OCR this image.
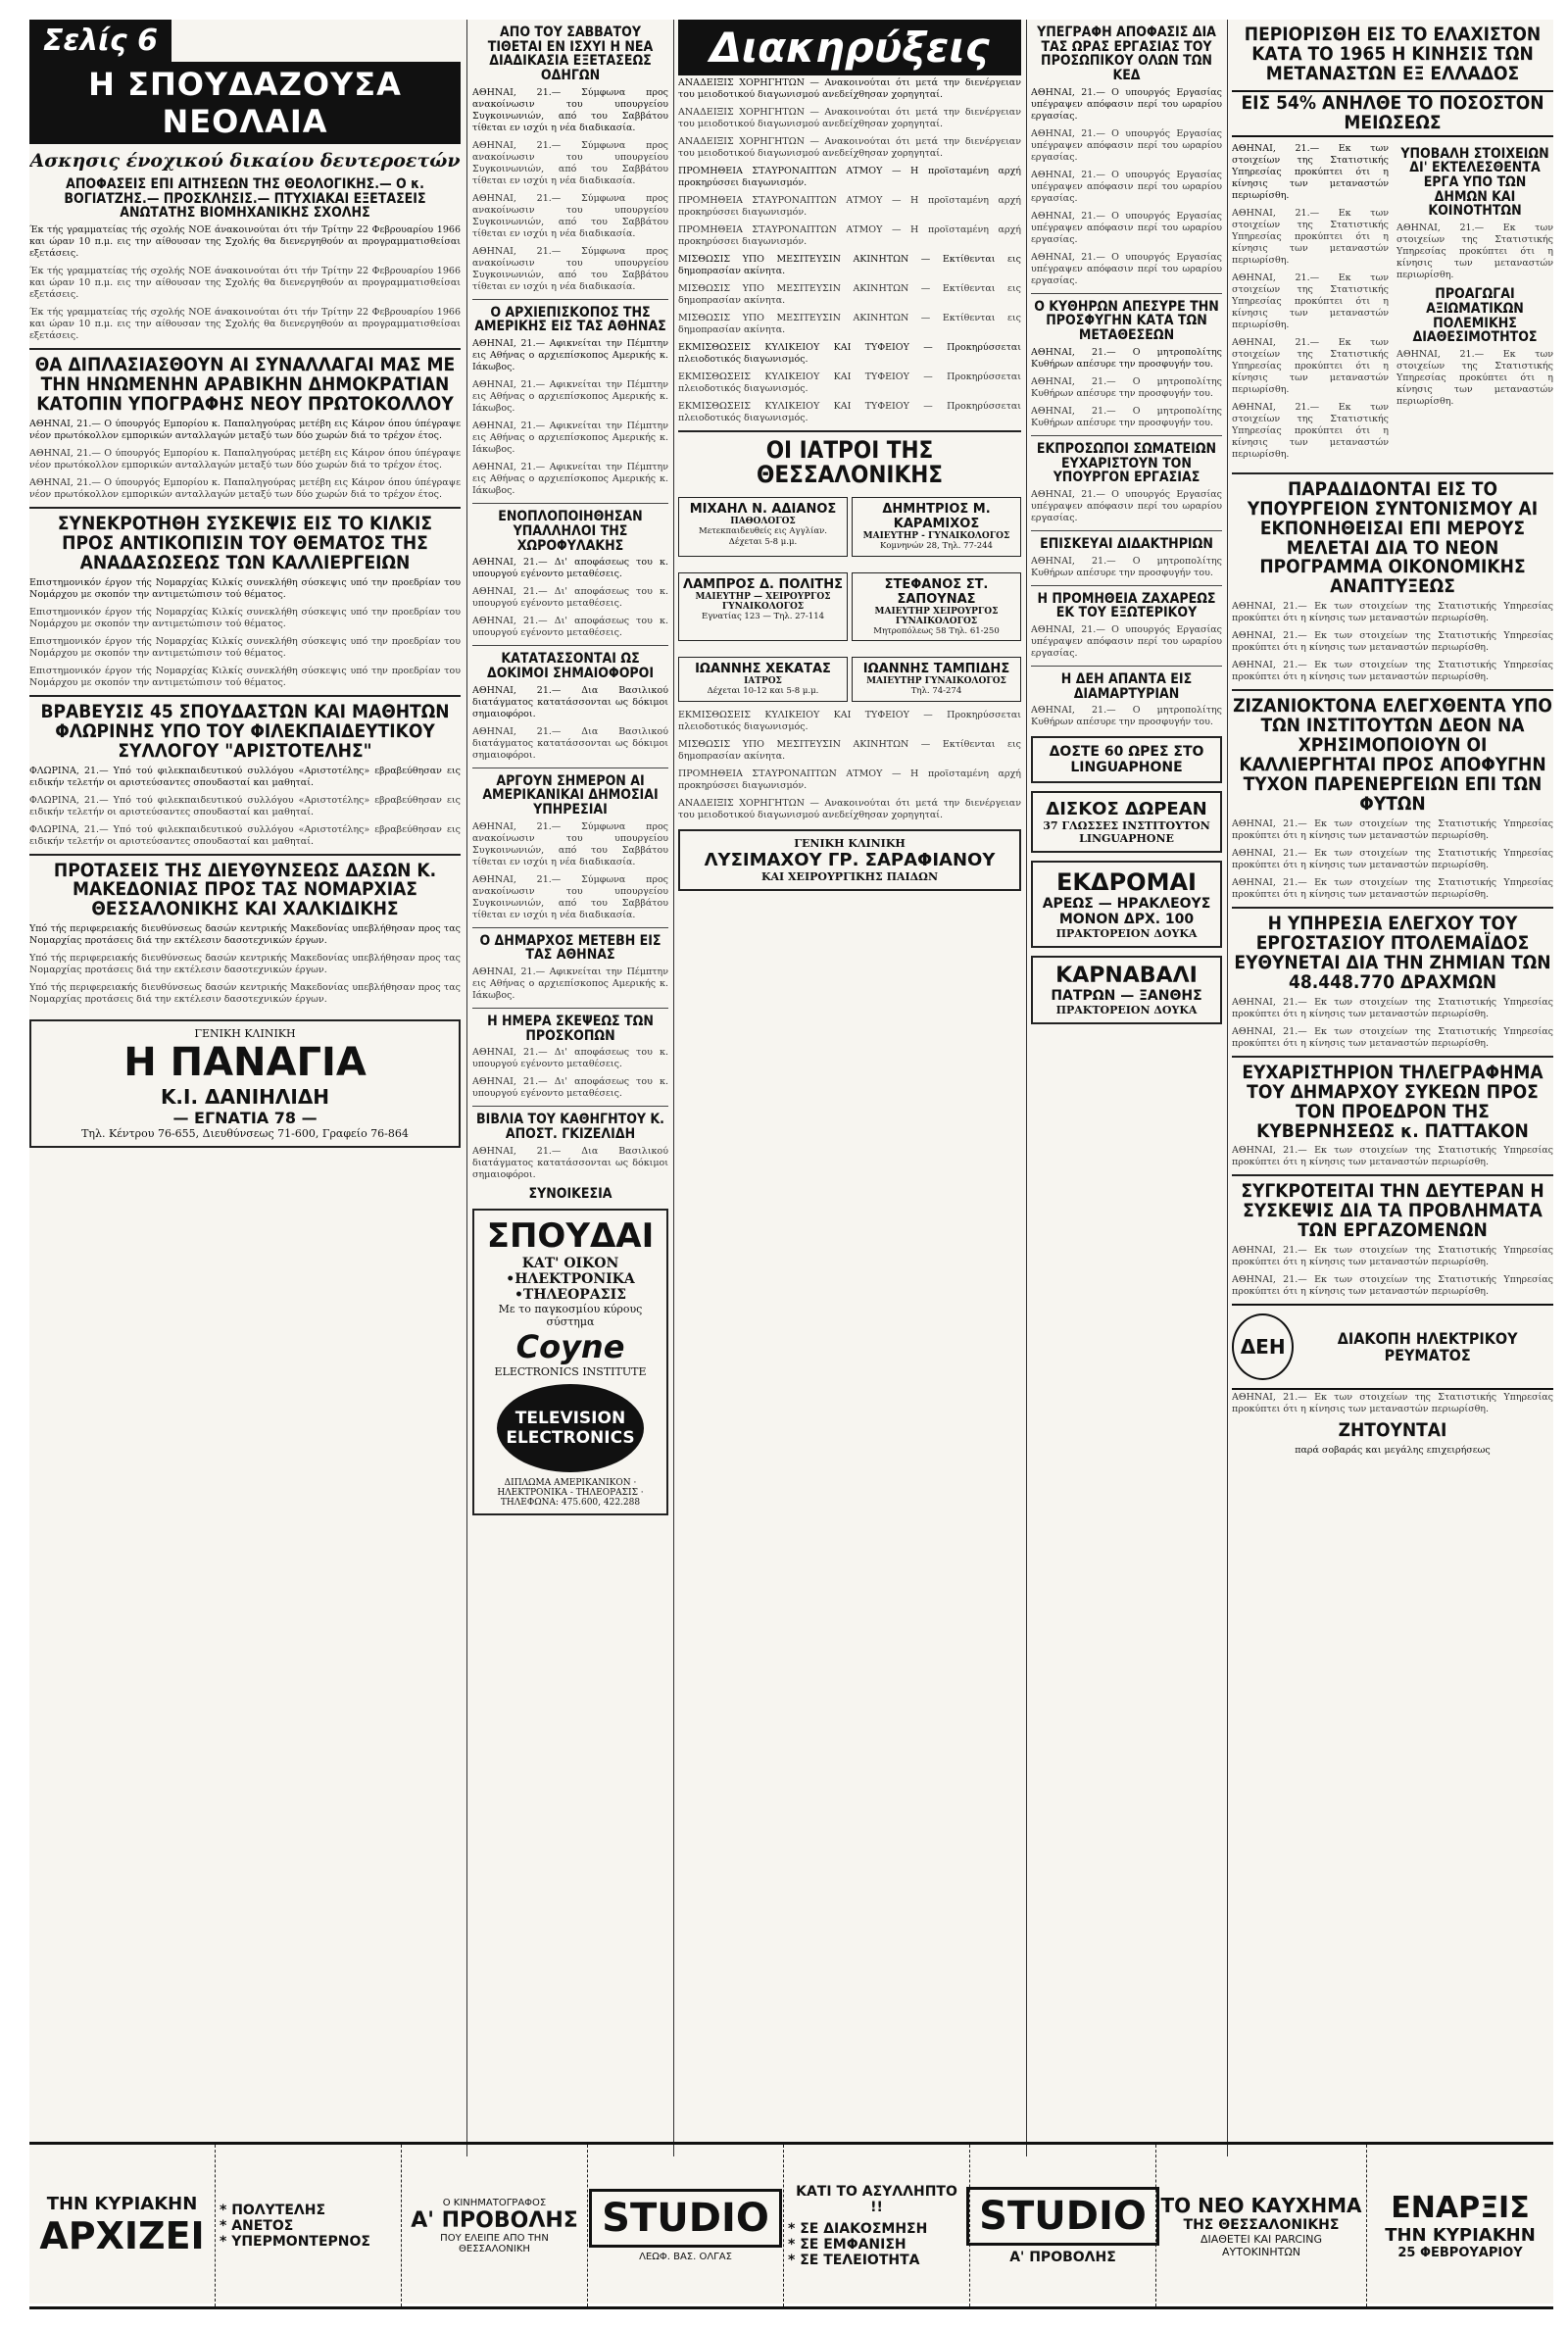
Σελίς 6
Η ΣΠΟΥΔΑΖΟΥΣΑ ΝΕΟΛΑΙΑ
Ασκησις ένοχικού δικαίου δευτεροετών
ΑΠΟΦΑΣΕΙΣ ΕΠΙ ΑΙΤΗΣΕΩΝ ΤΗΣ ΘΕΟΛΟΓΙΚΗΣ.— Ο κ. ΒΟΓΙΑΤΖΗΣ.— ΠΡΟΣΚΛΗΣΙΣ.— ΠΤΥΧΙΑΚΑΙ ΕΞΕΤΑΣΕΙΣ ΑΝΩΤΑΤΗΣ ΒΙΟΜΗΧΑΝΙΚΗΣ ΣΧΟΛΗΣ
Έκ τής γραμματείας τής σχολής ΝΟΕ άνακοινούται ότι τήν Τρίτην 22 Φεβρουαρίου 1966 και ώραν 10 π.μ. εις την αίθουσαν της Σχολής θα διενεργηθούν αι προγραμματισθείσαι εξετάσεις.
Έκ τής γραμματείας τής σχολής ΝΟΕ άνακοινούται ότι τήν Τρίτην 22 Φεβρουαρίου 1966 και ώραν 10 π.μ. εις την αίθουσαν της Σχολής θα διενεργηθούν αι προγραμματισθείσαι εξετάσεις.
Έκ τής γραμματείας τής σχολής ΝΟΕ άνακοινούται ότι τήν Τρίτην 22 Φεβρουαρίου 1966 και ώραν 10 π.μ. εις την αίθουσαν της Σχολής θα διενεργηθούν αι προγραμματισθείσαι εξετάσεις.
ΘΑ ΔΙΠΛΑΣΙΑΣΘΟΥΝ ΑΙ ΣΥΝΑΛΛΑΓΑΙ ΜΑΣ ΜΕ ΤΗΝ ΗΝΩΜΕΝΗΝ ΑΡΑΒΙΚΗΝ ΔΗΜΟΚΡΑΤΙΑΝ ΚΑΤΟΠΙΝ ΥΠΟΓΡΑΦΗΣ ΝΕΟΥ ΠΡΩΤΟΚΟΛΛΟΥ
ΑΘΗΝΑΙ, 21.— Ο ύπουργός Εμπορίου κ. Παπαληγούρας μετέβη εις Κάιρον όπου ύπέγραψε νέον πρωτόκολλον εμπορικών ανταλλαγών μεταξύ των δύο χωρών διά το τρέχον έτος.
ΑΘΗΝΑΙ, 21.— Ο ύπουργός Εμπορίου κ. Παπαληγούρας μετέβη εις Κάιρον όπου ύπέγραψε νέον πρωτόκολλον εμπορικών ανταλλαγών μεταξύ των δύο χωρών διά το τρέχον έτος.
ΑΘΗΝΑΙ, 21.— Ο ύπουργός Εμπορίου κ. Παπαληγούρας μετέβη εις Κάιρον όπου ύπέγραψε νέον πρωτόκολλον εμπορικών ανταλλαγών μεταξύ των δύο χωρών διά το τρέχον έτος.
ΣΥΝΕΚΡΟΤΗΘΗ ΣΥΣΚΕΨΙΣ ΕΙΣ ΤΟ ΚΙΛΚΙΣ ΠΡΟΣ ΑΝΤΙΚΟΠΙΣΙΝ ΤΟΥ ΘΕΜΑΤΟΣ ΤΗΣ ΑΝΑΔΑΣΩΣΕΩΣ ΤΩΝ ΚΑΛΛΙΕΡΓΕΙΩΝ
Επιστημονικόν έργον τής Νομαρχίας Κιλκίς συνεκλήθη σύσκεψις υπό την προεδρίαν του Νομάρχου με σκοπόν την αντιμετώπισιν τού θέματος.
Επιστημονικόν έργον τής Νομαρχίας Κιλκίς συνεκλήθη σύσκεψις υπό την προεδρίαν του Νομάρχου με σκοπόν την αντιμετώπισιν τού θέματος.
Επιστημονικόν έργον τής Νομαρχίας Κιλκίς συνεκλήθη σύσκεψις υπό την προεδρίαν του Νομάρχου με σκοπόν την αντιμετώπισιν τού θέματος.
Επιστημονικόν έργον τής Νομαρχίας Κιλκίς συνεκλήθη σύσκεψις υπό την προεδρίαν του Νομάρχου με σκοπόν την αντιμετώπισιν τού θέματος.
ΒΡΑΒΕΥΣΙΣ 45 ΣΠΟΥΔΑΣΤΩΝ ΚΑΙ ΜΑΘΗΤΩΝ ΦΛΩΡΙΝΗΣ ΥΠΟ ΤΟΥ ΦΙΛΕΚΠΑΙΔΕΥΤΙΚΟΥ ΣΥΛΛΟΓΟΥ "ΑΡΙΣΤΟΤΕΛΗΣ"
ΦΛΩΡΙΝΑ, 21.— Υπό τού φιλεκπαιδευτικού συλλόγου «Αριστοτέλης» εβραβεύθησαν εις ειδικήν τελετήν οι αριστεύσαντες σπουδασταί και μαθηταί.
ΦΛΩΡΙΝΑ, 21.— Υπό τού φιλεκπαιδευτικού συλλόγου «Αριστοτέλης» εβραβεύθησαν εις ειδικήν τελετήν οι αριστεύσαντες σπουδασταί και μαθηταί.
ΦΛΩΡΙΝΑ, 21.— Υπό τού φιλεκπαιδευτικού συλλόγου «Αριστοτέλης» εβραβεύθησαν εις ειδικήν τελετήν οι αριστεύσαντες σπουδασταί και μαθηταί.
ΠΡΟΤΑΣΕΙΣ ΤΗΣ ΔΙΕΥΘΥΝΣΕΩΣ ΔΑΣΩΝ Κ. ΜΑΚΕΔΟΝΙΑΣ ΠΡΟΣ ΤΑΣ ΝΟΜΑΡΧΙΑΣ ΘΕΣΣΑΛΟΝΙΚΗΣ ΚΑΙ ΧΑΛΚΙΔΙΚΗΣ
Υπό τής περιφερειακής διευθύνσεως δασών κεντρικής Μακεδονίας υπεβλήθησαν προς τας Νομαρχίας προτάσεις διά την εκτέλεσιν δασοτεχνικών έργων.
Υπό τής περιφερειακής διευθύνσεως δασών κεντρικής Μακεδονίας υπεβλήθησαν προς τας Νομαρχίας προτάσεις διά την εκτέλεσιν δασοτεχνικών έργων.
Υπό τής περιφερειακής διευθύνσεως δασών κεντρικής Μακεδονίας υπεβλήθησαν προς τας Νομαρχίας προτάσεις διά την εκτέλεσιν δασοτεχνικών έργων.
ΓΕΝΙΚΗ ΚΛΙΝΙΚΗ
Η ΠΑΝΑΓΙΑ
Κ.Ι. ΔΑΝΙΗΛΙΔΗ
— ΕΓΝΑΤΙΑ 78 —
Τηλ. Κέντρου 76-655, Διευθύνσεως 71-600, Γραφείο 76-864
ΑΠΟ ΤΟΥ ΣΑΒΒΑΤΟΥ ΤΙΘΕΤΑΙ ΕΝ ΙΣΧΥΙ Η ΝΕΑ ΔΙΑΔΙΚΑΣΙΑ ΕΞΕΤΑΣΕΩΣ ΟΔΗΓΩΝ
ΑΘΗΝΑΙ, 21.— Σύμφωνα προς ανακοίνωσιν του υπουργείου Συγκοινωνιών, από του Σαββάτου τίθεται εν ισχύι η νέα διαδικασία.
ΑΘΗΝΑΙ, 21.— Σύμφωνα προς ανακοίνωσιν του υπουργείου Συγκοινωνιών, από του Σαββάτου τίθεται εν ισχύι η νέα διαδικασία.
ΑΘΗΝΑΙ, 21.— Σύμφωνα προς ανακοίνωσιν του υπουργείου Συγκοινωνιών, από του Σαββάτου τίθεται εν ισχύι η νέα διαδικασία.
ΑΘΗΝΑΙ, 21.— Σύμφωνα προς ανακοίνωσιν του υπουργείου Συγκοινωνιών, από του Σαββάτου τίθεται εν ισχύι η νέα διαδικασία.
Ο ΑΡΧΙΕΠΙΣΚΟΠΟΣ ΤΗΣ ΑΜΕΡΙΚΗΣ ΕΙΣ ΤΑΣ ΑΘΗΝΑΣ
ΑΘΗΝΑΙ, 21.— Αφικνείται την Πέμπτην εις Αθήνας ο αρχιεπίσκοπος Αμερικής κ. Ιάκωβος.
ΑΘΗΝΑΙ, 21.— Αφικνείται την Πέμπτην εις Αθήνας ο αρχιεπίσκοπος Αμερικής κ. Ιάκωβος.
ΑΘΗΝΑΙ, 21.— Αφικνείται την Πέμπτην εις Αθήνας ο αρχιεπίσκοπος Αμερικής κ. Ιάκωβος.
ΑΘΗΝΑΙ, 21.— Αφικνείται την Πέμπτην εις Αθήνας ο αρχιεπίσκοπος Αμερικής κ. Ιάκωβος.
ΕΝΟΠΛΟΠΟΙΗΘΗΣΑΝ ΥΠΑΛΛΗΛΟΙ ΤΗΣ ΧΩΡΟΦΥΛΑΚΗΣ
ΑΘΗΝΑΙ, 21.— Δι' αποφάσεως του κ. υπουργού εγένοντο μεταθέσεις.
ΑΘΗΝΑΙ, 21.— Δι' αποφάσεως του κ. υπουργού εγένοντο μεταθέσεις.
ΑΘΗΝΑΙ, 21.— Δι' αποφάσεως του κ. υπουργού εγένοντο μεταθέσεις.
ΚΑΤΑΤΑΣΣΟΝΤΑΙ ΩΣ ΔΟΚΙΜΟΙ ΣΗΜΑΙΟΦΟΡΟΙ
ΑΘΗΝΑΙ, 21.— Δια Βασιλικού διατάγματος κατατάσσονται ως δόκιμοι σημαιοφόροι.
ΑΘΗΝΑΙ, 21.— Δια Βασιλικού διατάγματος κατατάσσονται ως δόκιμοι σημαιοφόροι.
ΑΡΓΟΥΝ ΣΗΜΕΡΟΝ ΑΙ ΑΜΕΡΙΚΑΝΙΚΑΙ ΔΗΜΟΣΙΑΙ ΥΠΗΡΕΣΙΑΙ
ΑΘΗΝΑΙ, 21.— Σύμφωνα προς ανακοίνωσιν του υπουργείου Συγκοινωνιών, από του Σαββάτου τίθεται εν ισχύι η νέα διαδικασία.
ΑΘΗΝΑΙ, 21.— Σύμφωνα προς ανακοίνωσιν του υπουργείου Συγκοινωνιών, από του Σαββάτου τίθεται εν ισχύι η νέα διαδικασία.
Ο ΔΗΜΑΡΧΟΣ ΜΕΤΕΒΗ ΕΙΣ ΤΑΣ ΑΘΗΝΑΣ
ΑΘΗΝΑΙ, 21.— Αφικνείται την Πέμπτην εις Αθήνας ο αρχιεπίσκοπος Αμερικής κ. Ιάκωβος.
Η ΗΜΕΡΑ ΣΚΕΨΕΩΣ ΤΩΝ ΠΡΟΣΚΟΠΩΝ
ΑΘΗΝΑΙ, 21.— Δι' αποφάσεως του κ. υπουργού εγένοντο μεταθέσεις.
ΑΘΗΝΑΙ, 21.— Δι' αποφάσεως του κ. υπουργού εγένοντο μεταθέσεις.
ΒΙΒΛΙΑ ΤΟΥ ΚΑΘΗΓΗΤΟΥ Κ. ΑΠΟΣΤ. ΓΚΙΖΕΛΙΔΗ
ΑΘΗΝΑΙ, 21.— Δια Βασιλικού διατάγματος κατατάσσονται ως δόκιμοι σημαιοφόροι.
ΣΥΝΟΙΚΕΣΙΑ
ΣΠΟΥΔΑΙ
ΚΑΤ' ΟΙΚΟΝ
•ΗΛΕΚΤΡΟΝΙΚΑ
•ΤΗΛΕΟΡΑΣΙΣ
Με το παγκοσμίου κύρους σύστημα
Coyne
ELECTRONICS INSTITUTE
TELEVISION
ELECTRONICS
ΔΙΠΛΩΜΑ ΑΜΕΡΙΚΑΝΙΚΟΝ · ΗΛΕΚΤΡΟΝΙΚΑ - ΤΗΛΕΟΡΑΣΙΣ · ΤΗΛΕΦΩΝΑ: 475.600, 422.288
Διακηρύξεις
ΑΝΑΔΕΙΞΙΣ ΧΟΡΗΓΗΤΩΝ — Ανακοινούται ότι μετά την διενέργειαν του μειοδοτικού διαγωνισμού ανεδείχθησαν χορηγηταί.
ΑΝΑΔΕΙΞΙΣ ΧΟΡΗΓΗΤΩΝ — Ανακοινούται ότι μετά την διενέργειαν του μειοδοτικού διαγωνισμού ανεδείχθησαν χορηγηταί.
ΑΝΑΔΕΙΞΙΣ ΧΟΡΗΓΗΤΩΝ — Ανακοινούται ότι μετά την διενέργειαν του μειοδοτικού διαγωνισμού ανεδείχθησαν χορηγηταί.
ΠΡΟΜΗΘΕΙΑ ΣΤΑΥΡΟΝΑΠΤΩΝ ΑΤΜΟΥ — Η προϊσταμένη αρχή προκηρύσσει διαγωνισμόν.
ΠΡΟΜΗΘΕΙΑ ΣΤΑΥΡΟΝΑΠΤΩΝ ΑΤΜΟΥ — Η προϊσταμένη αρχή προκηρύσσει διαγωνισμόν.
ΠΡΟΜΗΘΕΙΑ ΣΤΑΥΡΟΝΑΠΤΩΝ ΑΤΜΟΥ — Η προϊσταμένη αρχή προκηρύσσει διαγωνισμόν.
ΜΙΣΘΩΣΙΣ ΥΠΟ ΜΕΣΙΤΕΥΣΙΝ ΑΚΙΝΗΤΩΝ — Εκτίθενται εις δημοπρασίαν ακίνητα.
ΜΙΣΘΩΣΙΣ ΥΠΟ ΜΕΣΙΤΕΥΣΙΝ ΑΚΙΝΗΤΩΝ — Εκτίθενται εις δημοπρασίαν ακίνητα.
ΜΙΣΘΩΣΙΣ ΥΠΟ ΜΕΣΙΤΕΥΣΙΝ ΑΚΙΝΗΤΩΝ — Εκτίθενται εις δημοπρασίαν ακίνητα.
ΕΚΜΙΣΘΩΣΕΙΣ ΚΥΛΙΚΕΙΟΥ ΚΑΙ ΤΥΦΕΙΟΥ — Προκηρύσσεται πλειοδοτικός διαγωνισμός.
ΕΚΜΙΣΘΩΣΕΙΣ ΚΥΛΙΚΕΙΟΥ ΚΑΙ ΤΥΦΕΙΟΥ — Προκηρύσσεται πλειοδοτικός διαγωνισμός.
ΕΚΜΙΣΘΩΣΕΙΣ ΚΥΛΙΚΕΙΟΥ ΚΑΙ ΤΥΦΕΙΟΥ — Προκηρύσσεται πλειοδοτικός διαγωνισμός.
ΟΙ ΙΑΤΡΟΙ ΤΗΣ ΘΕΣΣΑΛΟΝΙΚΗΣ
ΜΙΧΑΗΛ Ν. ΑΔΙΑΝΟΣ
ΠΑΘΟΛΟΓΟΣ
Μετεκπαιδευθείς εις Αγγλίαν. Δέχεται 5-8 μ.μ.
ΔΗΜΗΤΡΙΟΣ Μ. ΚΑΡΑΜΙΧΟΣ
ΜΑΙΕΥΤΗΡ - ΓΥΝΑΙΚΟΛΟΓΟΣ
Κομνηνών 28, Τηλ. 77-244
ΛΑΜΠΡΟΣ Δ. ΠΟΛΙΤΗΣ
ΜΑΙΕΥΤΗΡ — ΧΕΙΡΟΥΡΓΟΣ ΓΥΝΑΙΚΟΛΟΓΟΣ
Εγνατίας 123 — Τηλ. 27-114
ΣΤΕΦΑΝΟΣ ΣΤ. ΣΑΠΟΥΝΑΣ
ΜΑΙΕΥΤΗΡ ΧΕΙΡΟΥΡΓΟΣ ΓΥΝΑΙΚΟΛΟΓΟΣ
Μητροπόλεως 58 Τηλ. 61-250
ΙΩΑΝΝΗΣ ΧΕΚΑΤΑΣ
ΙΑΤΡΟΣ
Δέχεται 10-12 και 5-8 μ.μ.
ΙΩΑΝΝΗΣ ΤΑΜΠΙΔΗΣ
ΜΑΙΕΥΤΗΡ ΓΥΝΑΙΚΟΛΟΓΟΣ
Τηλ. 74-274
ΕΚΜΙΣΘΩΣΕΙΣ ΚΥΛΙΚΕΙΟΥ ΚΑΙ ΤΥΦΕΙΟΥ — Προκηρύσσεται πλειοδοτικός διαγωνισμός.
ΜΙΣΘΩΣΙΣ ΥΠΟ ΜΕΣΙΤΕΥΣΙΝ ΑΚΙΝΗΤΩΝ — Εκτίθενται εις δημοπρασίαν ακίνητα.
ΠΡΟΜΗΘΕΙΑ ΣΤΑΥΡΟΝΑΠΤΩΝ ΑΤΜΟΥ — Η προϊσταμένη αρχή προκηρύσσει διαγωνισμόν.
ΑΝΑΔΕΙΞΙΣ ΧΟΡΗΓΗΤΩΝ — Ανακοινούται ότι μετά την διενέργειαν του μειοδοτικού διαγωνισμού ανεδείχθησαν χορηγηταί.
ΓΕΝΙΚΗ ΚΛΙΝΙΚΗ
ΛΥΣΙΜΑΧΟΥ ΓΡ. ΣΑΡΑΦΙΑΝΟΥ
ΚΑΙ ΧΕΙΡΟΥΡΓΙΚΗΣ ΠΑΙΔΩΝ
ΥΠΕΓΡΑΦΗ ΑΠΟΦΑΣΙΣ ΔΙΑ ΤΑΣ ΩΡΑΣ ΕΡΓΑΣΙΑΣ ΤΟΥ ΠΡΟΣΩΠΙΚΟΥ ΟΛΩΝ ΤΩΝ ΚΕΔ
ΑΘΗΝΑΙ, 21.— Ο υπουργός Εργασίας υπέγραψεν απόφασιν περί του ωραρίου εργασίας.
ΑΘΗΝΑΙ, 21.— Ο υπουργός Εργασίας υπέγραψεν απόφασιν περί του ωραρίου εργασίας.
ΑΘΗΝΑΙ, 21.— Ο υπουργός Εργασίας υπέγραψεν απόφασιν περί του ωραρίου εργασίας.
ΑΘΗΝΑΙ, 21.— Ο υπουργός Εργασίας υπέγραψεν απόφασιν περί του ωραρίου εργασίας.
ΑΘΗΝΑΙ, 21.— Ο υπουργός Εργασίας υπέγραψεν απόφασιν περί του ωραρίου εργασίας.
Ο ΚΥΘΗΡΩΝ ΑΠΕΣΥΡΕ ΤΗΝ ΠΡΟΣΦΥΓΗΝ ΚΑΤΑ ΤΩΝ ΜΕΤΑΘΕΣΕΩΝ
ΑΘΗΝΑΙ, 21.— Ο μητροπολίτης Κυθήρων απέσυρε την προσφυγήν του.
ΑΘΗΝΑΙ, 21.— Ο μητροπολίτης Κυθήρων απέσυρε την προσφυγήν του.
ΑΘΗΝΑΙ, 21.— Ο μητροπολίτης Κυθήρων απέσυρε την προσφυγήν του.
ΕΚΠΡΟΣΩΠΟΙ ΣΩΜΑΤΕΙΩΝ ΕΥΧΑΡΙΣΤΟΥΝ ΤΟΝ ΥΠΟΥΡΓΟΝ ΕΡΓΑΣΙΑΣ
ΑΘΗΝΑΙ, 21.— Ο υπουργός Εργασίας υπέγραψεν απόφασιν περί του ωραρίου εργασίας.
ΕΠΙΣΚΕΥΑΙ ΔΙΔΑΚΤΗΡΙΩΝ
ΑΘΗΝΑΙ, 21.— Ο μητροπολίτης Κυθήρων απέσυρε την προσφυγήν του.
Η ΠΡΟΜΗΘΕΙΑ ΖΑΧΑΡΕΩΣ ΕΚ ΤΟΥ ΕΞΩΤΕΡΙΚΟΥ
ΑΘΗΝΑΙ, 21.— Ο υπουργός Εργασίας υπέγραψεν απόφασιν περί του ωραρίου εργασίας.
Η ΔΕΗ ΑΠΑΝΤΑ ΕΙΣ ΔΙΑΜΑΡΤΥΡΙΑΝ
ΑΘΗΝΑΙ, 21.— Ο μητροπολίτης Κυθήρων απέσυρε την προσφυγήν του.
ΔΟΣΤΕ 60 ΩΡΕΣ ΣΤΟ LINGUAPHONE
ΔΙΣΚΟΣ ΔΩΡΕΑΝ
37 ΓΛΩΣΣΕΣ ΙΝΣΤΙΤΟΥΤΟΝ LINGUAPHONE
ΕΚΔΡΟΜΑΙ
ΑΡΕΩΣ — ΗΡΑΚΛΕΟΥΣ
ΜΟΝΟΝ ΔΡΧ. 100
ΠΡΑΚΤΟΡΕΙΟΝ ΔΟΥΚΑ
ΚΑΡΝΑΒΑΛΙ
ΠΑΤΡΩΝ — ΞΑΝΘΗΣ
ΠΡΑΚΤΟΡΕΙΟΝ ΔΟΥΚΑ
ΠΕΡΙΟΡΙΣΘΗ ΕΙΣ ΤΟ ΕΛΑΧΙΣΤΟΝ ΚΑΤΑ ΤΟ 1965 Η ΚΙΝΗΣΙΣ ΤΩΝ ΜΕΤΑΝΑΣΤΩΝ ΕΞ ΕΛΛΑΔΟΣ
ΕΙΣ 54% ΑΝΗΛΘΕ ΤΟ ΠΟΣΟΣΤΟΝ ΜΕΙΩΣΕΩΣ
ΑΘΗΝΑΙ, 21.— Εκ των στοιχείων της Στατιστικής Υπηρεσίας προκύπτει ότι η κίνησις των μεταναστών περιωρίσθη.
ΑΘΗΝΑΙ, 21.— Εκ των στοιχείων της Στατιστικής Υπηρεσίας προκύπτει ότι η κίνησις των μεταναστών περιωρίσθη.
ΑΘΗΝΑΙ, 21.— Εκ των στοιχείων της Στατιστικής Υπηρεσίας προκύπτει ότι η κίνησις των μεταναστών περιωρίσθη.
ΑΘΗΝΑΙ, 21.— Εκ των στοιχείων της Στατιστικής Υπηρεσίας προκύπτει ότι η κίνησις των μεταναστών περιωρίσθη.
ΑΘΗΝΑΙ, 21.— Εκ των στοιχείων της Στατιστικής Υπηρεσίας προκύπτει ότι η κίνησις των μεταναστών περιωρίσθη.
ΥΠΟΒΑΛΗ ΣΤΟΙΧΕΙΩΝ ΔΙ' ΕΚΤΕΛΕΣΘΕΝΤΑ ΕΡΓΑ ΥΠΟ ΤΩΝ ΔΗΜΩΝ ΚΑΙ ΚΟΙΝΟΤΗΤΩΝ
ΑΘΗΝΑΙ, 21.— Εκ των στοιχείων της Στατιστικής Υπηρεσίας προκύπτει ότι η κίνησις των μεταναστών περιωρίσθη.
ΠΡΟΑΓΩΓΑΙ ΑΞΙΩΜΑΤΙΚΩΝ ΠΟΛΕΜΙΚΗΣ ΔΙΑΘΕΣΙΜΟΤΗΤΟΣ
ΑΘΗΝΑΙ, 21.— Εκ των στοιχείων της Στατιστικής Υπηρεσίας προκύπτει ότι η κίνησις των μεταναστών περιωρίσθη.
ΠΑΡΑΔΙΔΟΝΤΑΙ ΕΙΣ ΤΟ ΥΠΟΥΡΓΕΙΟΝ ΣΥΝΤΟΝΙΣΜΟΥ ΑΙ ΕΚΠΟΝΗΘΕΙΣΑΙ ΕΠΙ ΜΕΡΟΥΣ ΜΕΛΕΤΑΙ ΔΙΑ ΤΟ ΝΕΟΝ ΠΡΟΓΡΑΜΜΑ ΟΙΚΟΝΟΜΙΚΗΣ ΑΝΑΠΤΥΞΕΩΣ
ΑΘΗΝΑΙ, 21.— Εκ των στοιχείων της Στατιστικής Υπηρεσίας προκύπτει ότι η κίνησις των μεταναστών περιωρίσθη.
ΑΘΗΝΑΙ, 21.— Εκ των στοιχείων της Στατιστικής Υπηρεσίας προκύπτει ότι η κίνησις των μεταναστών περιωρίσθη.
ΑΘΗΝΑΙ, 21.— Εκ των στοιχείων της Στατιστικής Υπηρεσίας προκύπτει ότι η κίνησις των μεταναστών περιωρίσθη.
ΖΙΖΑΝΙΟΚΤΟΝΑ ΕΛΕΓΧΘΕΝΤΑ ΥΠΟ ΤΩΝ ΙΝΣΤΙΤΟΥΤΩΝ ΔΕΟΝ ΝΑ ΧΡΗΣΙΜΟΠΟΙΟΥΝ ΟΙ ΚΑΛΛΙΕΡΓΗΤΑΙ ΠΡΟΣ ΑΠΟΦΥΓΗΝ ΤΥΧΟΝ ΠΑΡΕΝΕΡΓΕΙΩΝ ΕΠΙ ΤΩΝ ΦΥΤΩΝ
ΑΘΗΝΑΙ, 21.— Εκ των στοιχείων της Στατιστικής Υπηρεσίας προκύπτει ότι η κίνησις των μεταναστών περιωρίσθη.
ΑΘΗΝΑΙ, 21.— Εκ των στοιχείων της Στατιστικής Υπηρεσίας προκύπτει ότι η κίνησις των μεταναστών περιωρίσθη.
ΑΘΗΝΑΙ, 21.— Εκ των στοιχείων της Στατιστικής Υπηρεσίας προκύπτει ότι η κίνησις των μεταναστών περιωρίσθη.
Η ΥΠΗΡΕΣΙΑ ΕΛΕΓΧΟΥ ΤΟΥ ΕΡΓΟΣΤΑΣΙΟΥ ΠΤΟΛΕΜΑΪΔΟΣ ΕΥΘΥΝΕΤΑΙ ΔΙΑ ΤΗΝ ΖΗΜΙΑΝ ΤΩΝ 48.448.770 ΔΡΑΧΜΩΝ
ΑΘΗΝΑΙ, 21.— Εκ των στοιχείων της Στατιστικής Υπηρεσίας προκύπτει ότι η κίνησις των μεταναστών περιωρίσθη.
ΑΘΗΝΑΙ, 21.— Εκ των στοιχείων της Στατιστικής Υπηρεσίας προκύπτει ότι η κίνησις των μεταναστών περιωρίσθη.
ΕΥΧΑΡΙΣΤΗΡΙΟΝ ΤΗΛΕΓΡΑΦΗΜΑ ΤΟΥ ΔΗΜΑΡΧΟΥ ΣΥΚΕΩΝ ΠΡΟΣ ΤΟΝ ΠΡΟΕΔΡΟΝ ΤΗΣ ΚΥΒΕΡΝΗΣΕΩΣ κ. ΠΑΤΤΑΚΟΝ
ΑΘΗΝΑΙ, 21.— Εκ των στοιχείων της Στατιστικής Υπηρεσίας προκύπτει ότι η κίνησις των μεταναστών περιωρίσθη.
ΣΥΓΚΡΟΤΕΙΤΑΙ ΤΗΝ ΔΕΥΤΕΡΑΝ Η ΣΥΣΚΕΨΙΣ ΔΙΑ ΤΑ ΠΡΟΒΛΗΜΑΤΑ ΤΩΝ ΕΡΓΑΖΟΜΕΝΩΝ
ΑΘΗΝΑΙ, 21.— Εκ των στοιχείων της Στατιστικής Υπηρεσίας προκύπτει ότι η κίνησις των μεταναστών περιωρίσθη.
ΑΘΗΝΑΙ, 21.— Εκ των στοιχείων της Στατιστικής Υπηρεσίας προκύπτει ότι η κίνησις των μεταναστών περιωρίσθη.
ΔΕΗ	ΔΙΑΚΟΠΗ ΗΛΕΚΤΡΙΚΟΥ ΡΕΥΜΑΤΟΣ
ΑΘΗΝΑΙ, 21.— Εκ των στοιχείων της Στατιστικής Υπηρεσίας προκύπτει ότι η κίνησις των μεταναστών περιωρίσθη.
ΖΗΤΟΥΝΤΑΙ
παρά σοβαράς και μεγάλης επιχειρήσεως
ΤΗΝ ΚΥΡΙΑΚΗΝ
ΑΡΧΙΖΕΙ
* ΠΟΛΥΤΕΛΗΣ
* ΑΝΕΤΟΣ
* ΥΠΕΡΜΟΝΤΕΡΝΟΣ
Ο ΚΙΝΗΜΑΤΟΓΡΑΦΟΣ
Α' ΠΡΟΒΟΛΗΣ
ΠΟΥ ΕΛΕΙΠΕ ΑΠΟ ΤΗΝ ΘΕΣΣΑΛΟΝΙΚΗ
STUDIO
ΛΕΩΦ. ΒΑΣ. ΟΛΓΑΣ
ΚΑΤΙ ΤΟ ΑΣΥΛΛΗΠΤΟ !!
* ΣΕ ΔΙΑΚΟΣΜΗΣΗ
* ΣΕ ΕΜΦΑΝΙΣΗ
* ΣΕ ΤΕΛΕΙΟΤΗΤΑ
STUDIO
Α' ΠΡΟΒΟΛΗΣ
ΤΟ ΝΕΟ ΚΑΥΧΗΜΑ
ΤΗΣ ΘΕΣΣΑΛΟΝΙΚΗΣ
ΔΙΑΘΕΤΕΙ ΚΑΙ PARCING ΑΥΤΟΚΙΝΗΤΩΝ
ΕΝΑΡΞΙΣ
ΤΗΝ ΚΥΡΙΑΚΗΝ
25 ΦΕΒΡΟΥΑΡΙΟΥ
